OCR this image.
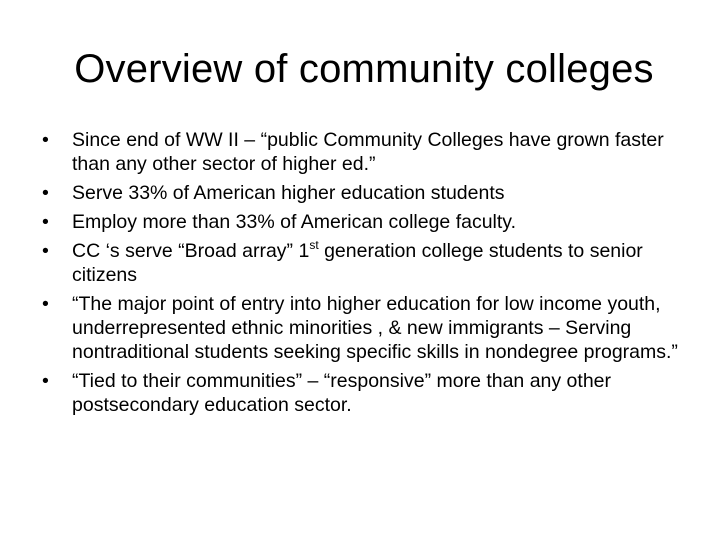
Overview of community colleges
•	Since end of WW II – “public Community Colleges have grown faster than any other sector of higher ed.”
•	Serve 33% of American higher education students
•	Employ more than 33% of American college faculty.
•	CC ‘s serve “Broad array” 1st generation college students to senior citizens
•	“The major point of entry into higher education for low income youth, underrepresented ethnic minorities , & new immigrants – Serving nontraditional students seeking specific skills in nondegree programs.”
•	“Tied to their communities” – “responsive” more than any other postsecondary education sector.
